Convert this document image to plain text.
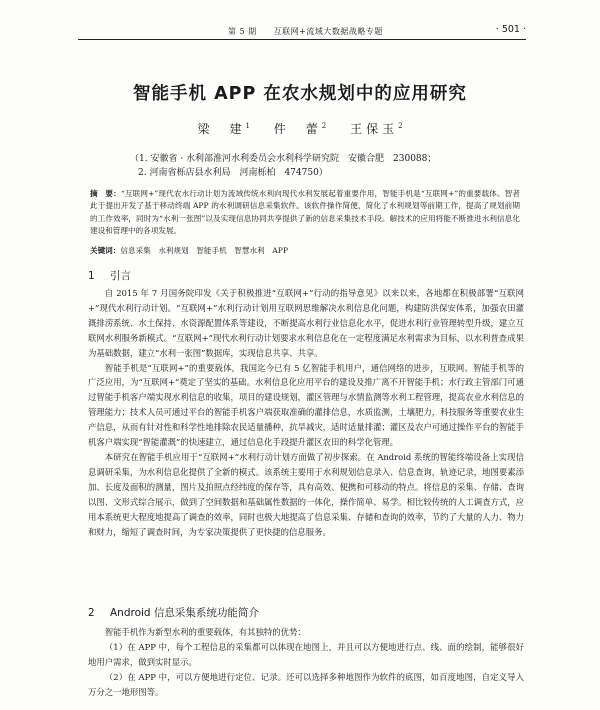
第 5 期　　互联网+流域大数据战略专题	· 501 ·
智能手机 APP 在农水规划中的应用研究
梁　建$^1$　 件　蕾$^2$　 王保玉$^2$
（1. 安徽省 · 水利部淮河水利委员会水利科学研究院　安徽合肥　230088；
2. 河南省栎店县水利局　河南栎柏　474750）
摘　要：“互联网+”现代农水行动计划为流域传统水利向现代水利发展起着重要作用，智能手机是“互联网+”的重要载体。智者此于提出开发了基于移动终端 APP 的水利调研信息采集软件。该软件操作简便，简化了水利规划等前期工作，提高了规划前期的工作效率，同时为“水利一张图”以及实现信息协同共享提供了新的信息采集技术手段。解技术的应用将能不断推进水利信息化建设和管理中的各项发展。
关键词：信息采集　水利规划　智能手机　智慧水利　APP
1 引言

自 2015 年 7 月国务院印发《关于积极推进“互联网+”行动的指导意见》以来以来，各地都在积极部署“互联网+”现代水利行动计划。“互联网+”水利行动计划用互联网思维解决水利信息化问题，构建防洪保安体系，加强农田灌溉排涝系统、水土保持、水资源配置体系等建设，不断提高水利行业信息化水平，促进水利行业管理转型升级，建立互联网水利服务新模式。“互联网+”现代水利行动计划要求水利信息化在一定程度满足水利需求为目标，以水利普查成果为基础数据，建立“水利一张图”数据库，实现信息共享、共享。

智能手机是“互联网+”的重要载体，我国迄今已有 5 亿智能手机用户，通信网络的进步，互联网、智能手机等的广泛应用，为“互联网+”奠定了坚实的基础。水利信息化应用平台的建设及推广离不开智能手机；水行政主管部门可通过智能手机客户端实现水利信息的收集，项目的建设规划，灌区管理与水情监测等水利工程管理，提高农业水利信息的管理能力；技术人员可通过平台的智能手机客户端获取准确的灌排信息，水质监测，土壤肥力，科技服务等重要农业生产信息，从而有针对性和科学性地排除农民适量播种，抗旱减灾，适时适量排灌；灌区及农户可通过操作平台的智能手机客户端实现“智能灌溉”的快速建立，通过信息化手段提升灌区农田的科学化管理。

本研究在智能手机应用于“互联网+”水利行动计划方面做了初步探索。在 Android 系统的智能终端设备上实现信息调研采集，为水利信息化提供了全新的模式。该系统主要用于水利规划信息录入、信息查询，轨迹记录，地图要素添加、长度及面积的测量，图片及拍照点经纬度的保存等，具有高效、便携和可移动的特点。将信息的采集、存储、查询以图、文形式综合展示，做到了空间数据和基础属性数据的一体化，操作简单、易学。相比较传统的人工调查方式，应用本系统更大程度地提高了调查的效率，同时也极大地提高了信息采集、存储和查询的效率，节约了大量的人力、物力和财力，缩短了调查时间，为专家决策提供了更快捷的信息服务。

2 Android 信息采集系统功能简介

智能手机作为新型水利的重要载体，有其独特的优势：

（1）在 APP 中，每个工程信息的采集都可以体现在地图上，并且可以方便地进行点、线、面的绘制，能够很好地用户需求，做到实时显示。

（2）在 APP 中，可以方便地进行定位、记录。还可以选择多种地图作为软件的底图，如百度地图，自定义导入万分之一地形图等。
